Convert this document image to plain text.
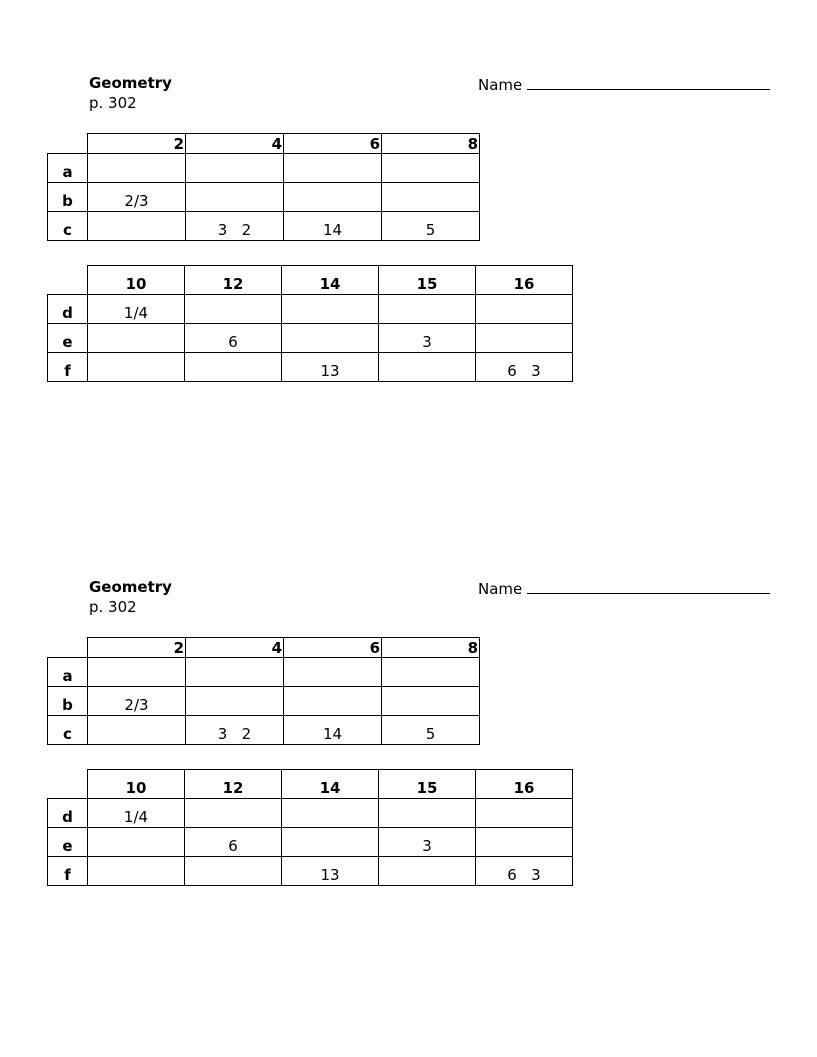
Geometry
p. 302
Name
	2	4	6	8
a				
b	2/3			
c		3   2	14	5
	10	12	14	15	16
d	1/4				
e		6		3	
f			13		6   3
Geometry
p. 302
Name
	2	4	6	8
a				
b	2/3			
c		3   2	14	5
	10	12	14	15	16
d	1/4				
e		6		3	
f			13		6   3
